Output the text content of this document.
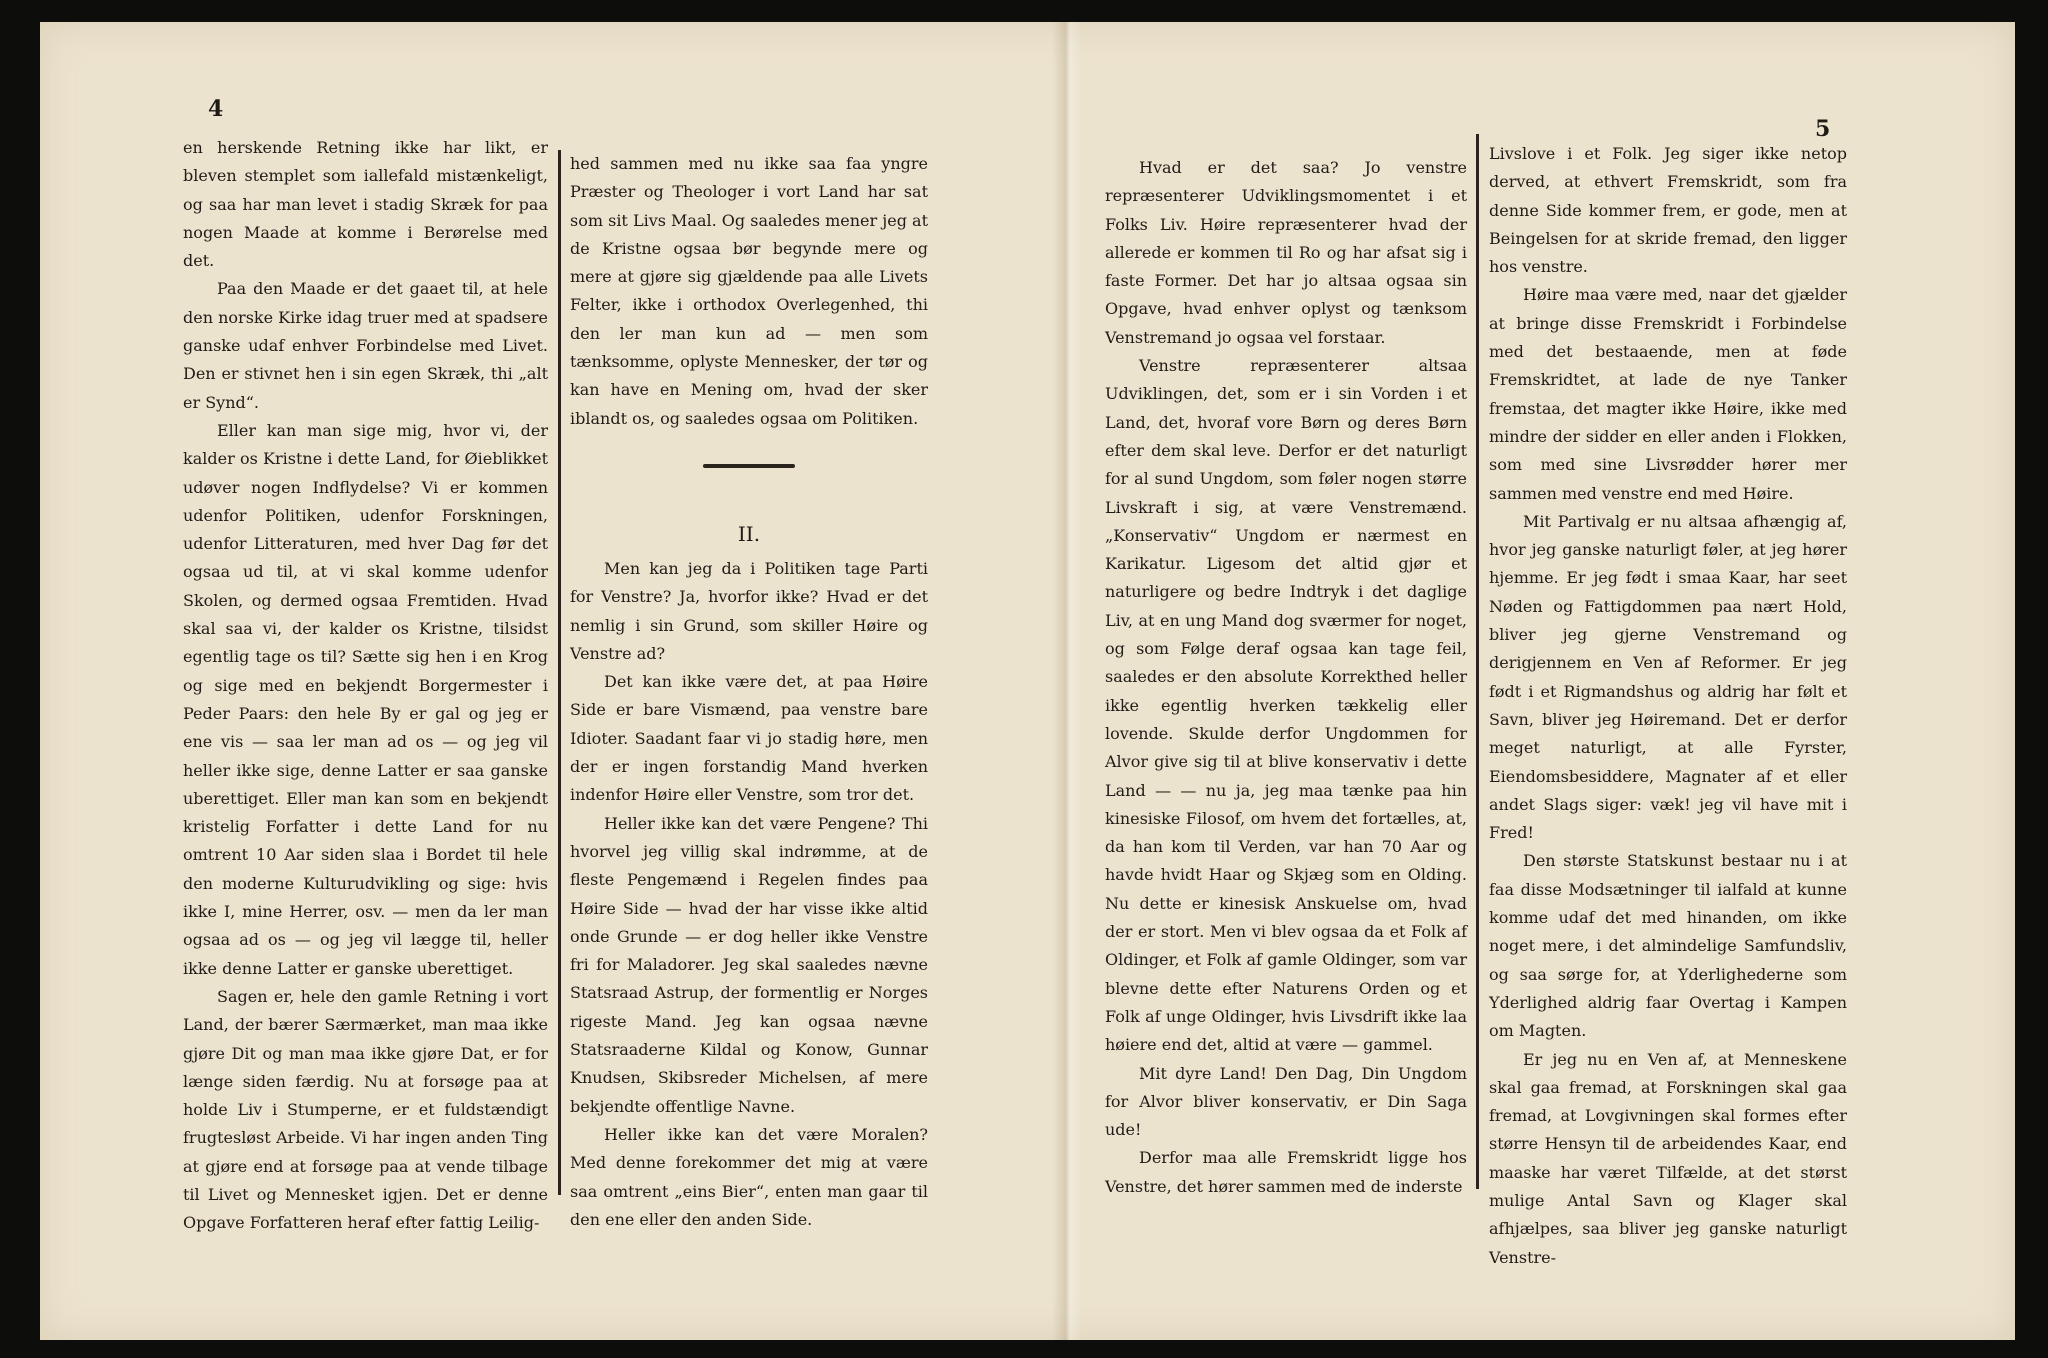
4

en herskende Retning ikke har likt, er bleven stemplet som iallefald mistænkeligt, og saa har man levet i stadig Skræk for paa nogen Maade at komme i Berørelse med det.

Paa den Maade er det gaaet til, at hele den norske Kirke idag truer med at spadsere ganske udaf enhver Forbindelse med Livet. Den er stivnet hen i sin egen Skræk, thi „alt er Synd“.

Eller kan man sige mig, hvor vi, der kalder os Kristne i dette Land, for Øieblikket udøver nogen Indflydelse? Vi er kommen udenfor Politiken, udenfor Forskningen, udenfor Litteraturen, med hver Dag før det ogsaa ud til, at vi skal komme udenfor Skolen, og dermed ogsaa Fremtiden. Hvad skal saa vi, der kalder os Kristne, tilsidst egentlig tage os til? Sætte sig hen i en Krog og sige med en bekjendt Borgermester i Peder Paars: den hele By er gal og jeg er ene vis — saa ler man ad os — og jeg vil heller ikke sige, denne Latter er saa ganske uberettiget. Eller man kan som en bekjendt kristelig Forfatter i dette Land for nu omtrent 10 Aar siden slaa i Bordet til hele den moderne Kulturudvikling og sige: hvis ikke I, mine Herrer, osv. — men da ler man ogsaa ad os — og jeg vil lægge til, heller ikke denne Latter er ganske uberettiget.

Sagen er, hele den gamle Retning i vort Land, der bærer Særmærket, man maa ikke gjøre Dit og man maa ikke gjøre Dat, er for længe siden færdig. Nu at forsøge paa at holde Liv i Stumperne, er et fuldstændigt frugtesløst Arbeide. Vi har ingen anden Ting at gjøre end at forsøge paa at vende tilbage til Livet og Mennesket igjen. Det er denne Opgave Forfatteren heraf efter fattig Leilig-

hed sammen med nu ikke saa faa yngre Præster og Theologer i vort Land har sat som sit Livs Maal. Og saaledes mener jeg at de Kristne ogsaa bør begynde mere og mere at gjøre sig gjældende paa alle Livets Felter, ikke i orthodox Overlegenhed, thi den ler man kun ad — men som tænksomme, oplyste Mennesker, der tør og kan have en Mening om, hvad der sker iblandt os, og saaledes ogsaa om Politiken.

II.

Men kan jeg da i Politiken tage Parti for Venstre? Ja, hvorfor ikke? Hvad er det nemlig i sin Grund, som skiller Høire og Venstre ad?

Det kan ikke være det, at paa Høire Side er bare Vismænd, paa venstre bare Idioter. Saadant faar vi jo stadig høre, men der er ingen forstandig Mand hverken indenfor Høire eller Venstre, som tror det.

Heller ikke kan det være Pengene? Thi hvorvel jeg villig skal indrømme, at de fleste Pengemænd i Regelen findes paa Høire Side — hvad der har visse ikke altid onde Grunde — er dog heller ikke Venstre fri for Maladorer. Jeg skal saaledes nævne Statsraad Astrup, der formentlig er Norges rigeste Mand. Jeg kan ogsaa nævne Statsraaderne Kildal og Konow, Gunnar Knudsen, Skibsreder Michelsen, af mere bekjendte offentlige Navne.

Heller ikke kan det være Moralen? Med denne forekommer det mig at være saa omtrent „eins Bier“, enten man gaar til den ene eller den anden Side.

5

Hvad er det saa? Jo venstre repræsenterer Udviklingsmomentet i et Folks Liv. Høire repræsenterer hvad der allerede er kommen til Ro og har afsat sig i faste Former. Det har jo altsaa ogsaa sin Opgave, hvad enhver oplyst og tænksom Venstremand jo ogsaa vel forstaar.

Venstre repræsenterer altsaa Udviklingen, det, som er i sin Vorden i et Land, det, hvoraf vore Børn og deres Børn efter dem skal leve. Derfor er det naturligt for al sund Ungdom, som føler nogen større Livskraft i sig, at være Venstremænd. „Konservativ“ Ungdom er nærmest en Karikatur. Ligesom det altid gjør et naturligere og bedre Indtryk i det daglige Liv, at en ung Mand dog sværmer for noget, og som Følge deraf ogsaa kan tage feil, saaledes er den absolute Korrekthed heller ikke egentlig hverken tækkelig eller lovende. Skulde derfor Ungdommen for Alvor give sig til at blive konservativ i dette Land — — nu ja, jeg maa tænke paa hin kinesiske Filosof, om hvem det fortælles, at, da han kom til Verden, var han 70 Aar og havde hvidt Haar og Skjæg som en Olding. Nu dette er kinesisk Anskuelse om, hvad der er stort. Men vi blev ogsaa da et Folk af Oldinger, et Folk af gamle Oldinger, som var blevne dette efter Naturens Orden og et Folk af unge Oldinger, hvis Livsdrift ikke laa høiere end det, altid at være — gammel.

Mit dyre Land! Den Dag, Din Ungdom for Alvor bliver konservativ, er Din Saga ude!

Derfor maa alle Fremskridt ligge hos Venstre, det hører sammen med de inderste

Livslove i et Folk. Jeg siger ikke netop derved, at ethvert Fremskridt, som fra denne Side kommer frem, er gode, men at Beingelsen for at skride fremad, den ligger hos venstre.

Høire maa være med, naar det gjælder at bringe disse Fremskridt i Forbindelse med det bestaaende, men at føde Fremskridtet, at lade de nye Tanker fremstaa, det magter ikke Høire, ikke med mindre der sidder en eller anden i Flokken, som med sine Livsrødder hører mer sammen med venstre end med Høire.

Mit Partivalg er nu altsaa afhængig af, hvor jeg ganske naturligt føler, at jeg hører hjemme. Er jeg født i smaa Kaar, har seet Nøden og Fattigdommen paa nært Hold, bliver jeg gjerne Venstremand og derigjennem en Ven af Reformer. Er jeg født i et Rigmandshus og aldrig har følt et Savn, bliver jeg Høiremand. Det er derfor meget naturligt, at alle Fyrster, Eiendomsbesiddere, Magnater af et eller andet Slags siger: væk! jeg vil have mit i Fred!

Den største Statskunst bestaar nu i at faa disse Modsætninger til ialfald at kunne komme udaf det med hinanden, om ikke noget mere, i det almindelige Samfundsliv, og saa sørge for, at Yderlighederne som Yderlighed aldrig faar Overtag i Kampen om Magten.

Er jeg nu en Ven af, at Menneskene skal gaa fremad, at Forskningen skal gaa fremad, at Lovgivningen skal formes efter større Hensyn til de arbeidendes Kaar, end maaske har været Tilfælde, at det størst mulige Antal Savn og Klager skal afhjælpes, saa bliver jeg ganske naturligt Venstre-
